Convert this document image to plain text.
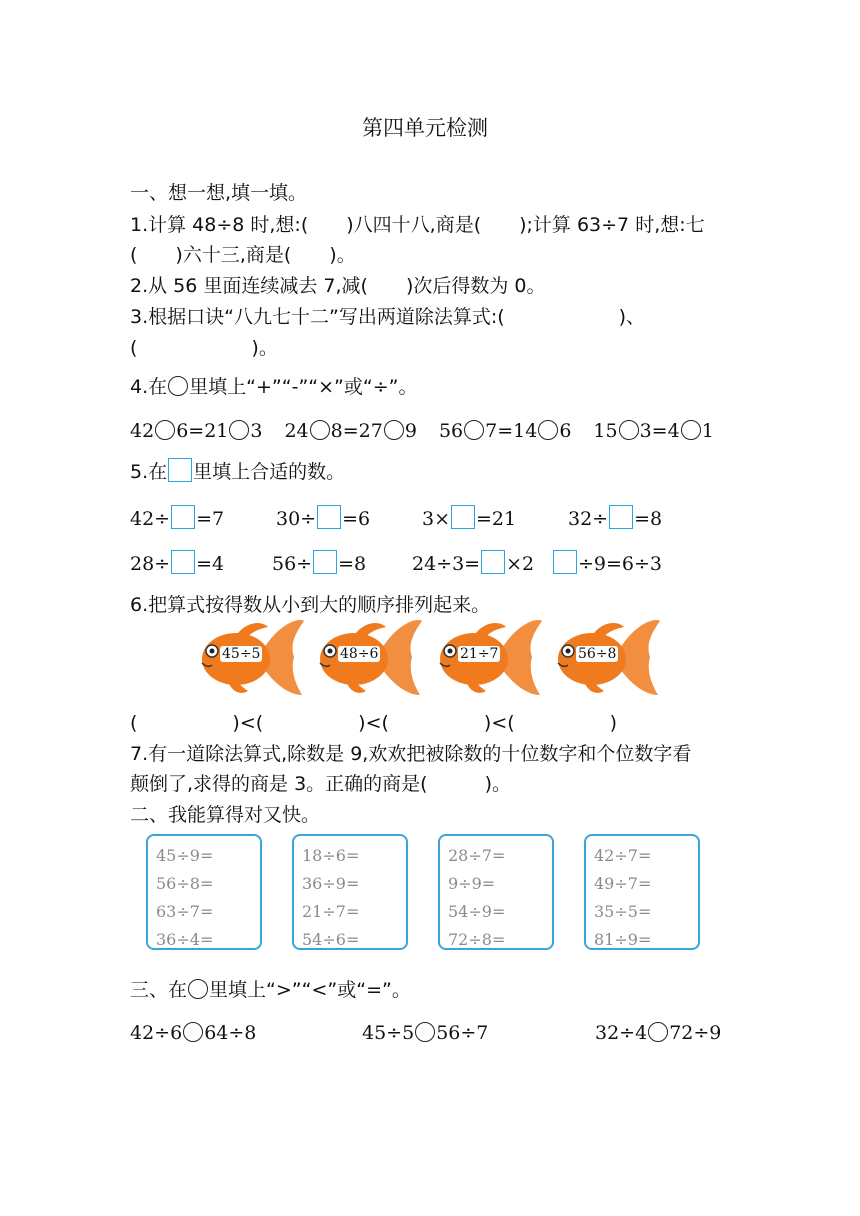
第四单元检测
一、想一想,填一填。
1.计算 48÷8 时,想:(　　)八四十八,商是(　　);计算 63÷7 时,想:七
(　　)六十三,商是(　　)。
2.从 56 里面连续减去 7,减(　　)次后得数为 0。
3.根据口诀“八九七十二”写出两道除法算式:(　　　　　　)、
(　　　　　　)。
4.在 里填上“+”“-”“×”或“÷”。
42 6=21 3 24 8=27 9 56 7=14 6 15 3=4 1
5.在 里填上合适的数。
42÷ =7	30÷ =6	3× =21	32÷ =8
28÷ =4	56÷ =8 24÷3= ×2	÷9=6÷3
6.把算式按得数从小到大的顺序排列起来。
45÷5	48÷6	21÷7	56÷8
(　　　　　)<(　　　　　)<(　　　　　)<(　　　　　)
7.有一道除法算式,除数是 9,欢欢把被除数的十位数字和个位数字看
颠倒了,求得的商是 3。正确的商是(　　　)。
二、我能算得对又快。
45÷9=
56÷8=
63÷7=
36÷4=
18÷6=
36÷9=
21÷7=
54÷6=
28÷7=
9÷9=
54÷9=
72÷8=
42÷7=
49÷7=
35÷5=
81÷9=
三、在 里填上“>”“<”或“=”。
42÷6 64÷8	45÷5 56÷7	32÷4 72÷9
